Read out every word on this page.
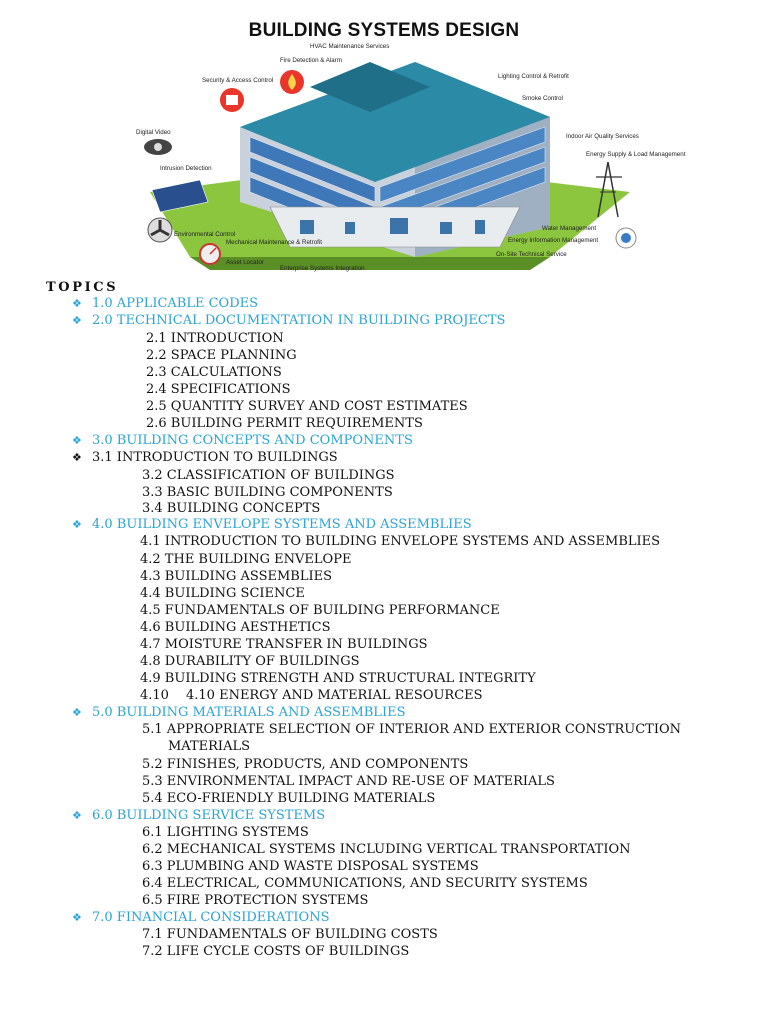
BUILDING SYSTEMS DESIGN
HVAC Maintenance Services
Fire Detection & Alarm
Security & Access Control
Lighting Control & Retrofit
Smoke Control
Digital Video
Indoor Air Quality Services
Energy Supply & Load Management
Intrusion Detection
Water Management
Environmental Control
Mechanical Maintenance & Retrofit	Energy Information Management
Asset Locator
Enterprise Systems Integration
On-Site Technical Service
TOPICS
❖ 1.0 APPLICABLE CODES
❖ 2.0 TECHNICAL DOCUMENTATION IN BUILDING PROJECTS
2.1 INTRODUCTION
2.2 SPACE PLANNING
2.3 CALCULATIONS
2.4 SPECIFICATIONS
2.5 QUANTITY SURVEY AND COST ESTIMATES
2.6 BUILDING PERMIT REQUIREMENTS
❖ 3.0 BUILDING CONCEPTS AND COMPONENTS
❖ 3.1 INTRODUCTION TO BUILDINGS
3.2 CLASSIFICATION OF BUILDINGS
3.3 BASIC BUILDING COMPONENTS
3.4 BUILDING CONCEPTS
❖ 4.0 BUILDING ENVELOPE SYSTEMS AND ASSEMBLIES
4.1 INTRODUCTION TO BUILDING ENVELOPE SYSTEMS AND ASSEMBLIES
4.2 THE BUILDING ENVELOPE
4.3 BUILDING ASSEMBLIES
4.4 BUILDING SCIENCE
4.5 FUNDAMENTALS OF BUILDING PERFORMANCE
4.6 BUILDING AESTHETICS
4.7 MOISTURE TRANSFER IN BUILDINGS
4.8 DURABILITY OF BUILDINGS
4.9 BUILDING STRENGTH AND STRUCTURAL INTEGRITY
4.10 4.10 ENERGY AND MATERIAL RESOURCES
❖ 5.0 BUILDING MATERIALS AND ASSEMBLIES
5.1 APPROPRIATE SELECTION OF INTERIOR AND EXTERIOR CONSTRUCTION
MATERIALS
5.2 FINISHES, PRODUCTS, AND COMPONENTS
5.3 ENVIRONMENTAL IMPACT AND RE-USE OF MATERIALS
5.4 ECO-FRIENDLY BUILDING MATERIALS
❖ 6.0 BUILDING SERVICE SYSTEMS
6.1 LIGHTING SYSTEMS
6.2 MECHANICAL SYSTEMS INCLUDING VERTICAL TRANSPORTATION
6.3 PLUMBING AND WASTE DISPOSAL SYSTEMS
6.4 ELECTRICAL, COMMUNICATIONS, AND SECURITY SYSTEMS
6.5 FIRE PROTECTION SYSTEMS
❖ 7.0 FINANCIAL CONSIDERATIONS
7.1 FUNDAMENTALS OF BUILDING COSTS
7.2 LIFE CYCLE COSTS OF BUILDINGS
